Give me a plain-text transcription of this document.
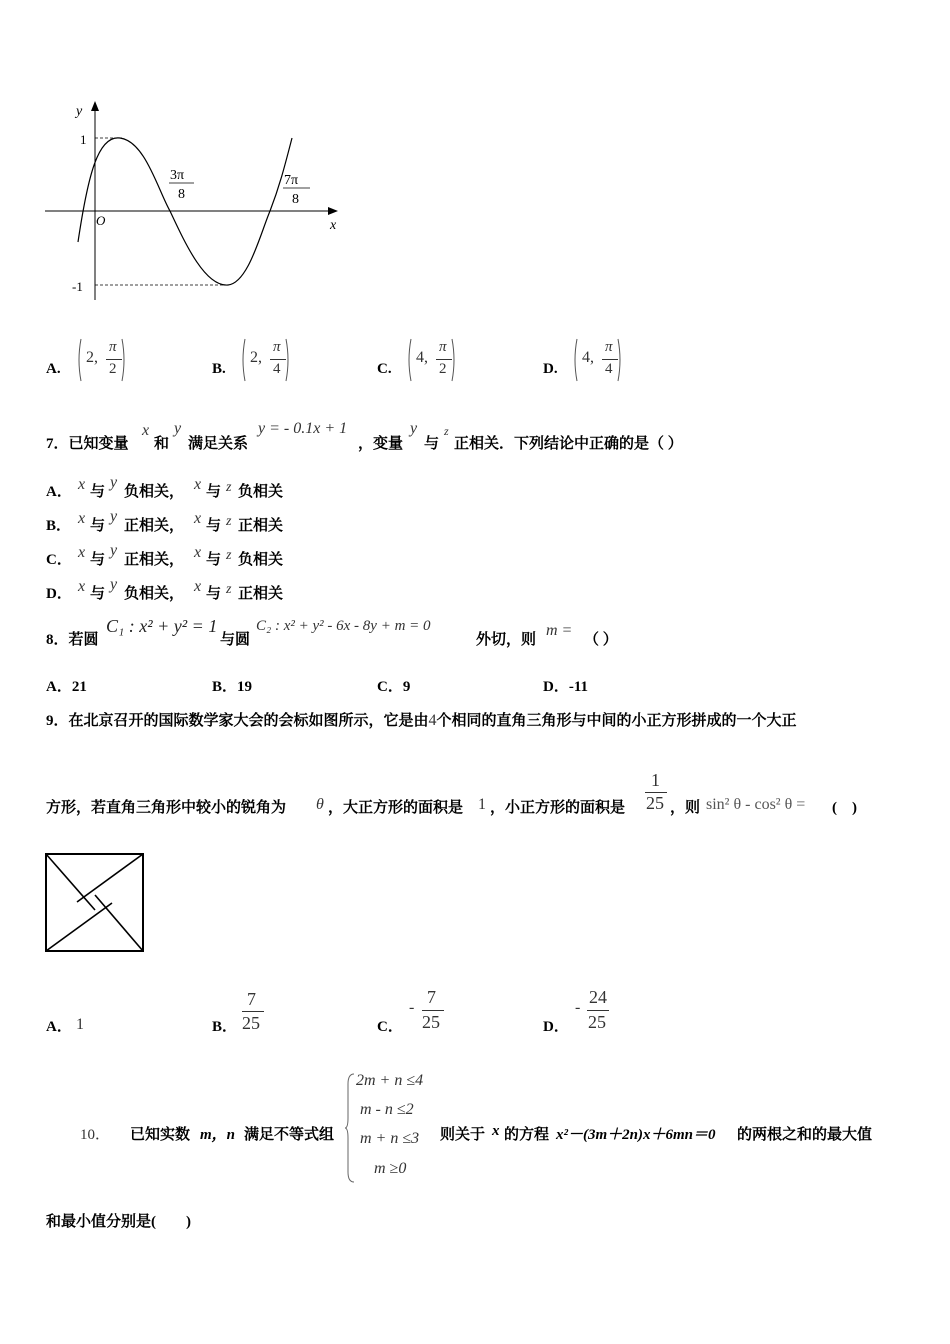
y
x
O
1
-1
3π
8
7π
8
A.
2,
π
2	B.
2,
π
4	C.
4,
π
2	D.
4,
π
4
7．已知变量
x
和
y
满足关系
y = - 0.1x + 1
，变量
y
与
z
正相关．下列结论中正确的是（ ）
A． x 与
y
负相关， x 与 z 负相关
B． x 与
y
正相关， x 与 z 正相关
C． x 与
y
正相关， x 与 z 负相关
D． x 与
y
负相关， x 与 z 正相关
8．若圆
C₁ : x² + y² = 1
与圆
C₂ : x² + y² - 6x - 8y + m = 0
外切，则
m =
（ ）
A．21	B．19	C．9	D．-11
9．在北京召开的国际数学家大会的会标如图所示，它是由4个相同的直角三角形与中间的小正方形拼成的一个大正
方形，若直角三角形中较小的锐角为 θ ，大正方形的面积是 1 ，小正方形的面积是
1
25 ，则 sin² θ - cos² θ = (　)
A． 1	B．
7
25	C．
-
7
25	D．
-
24
25
10． 已知实数 m，n 满足不等式组
2m + n ≤4
m - n ≤2
m + n ≤3
m ≥0
则关于 x 的方程 x²－(3m＋2n)x＋6mn＝0 的两根之和的最大值
和最小值分别是(　　)
